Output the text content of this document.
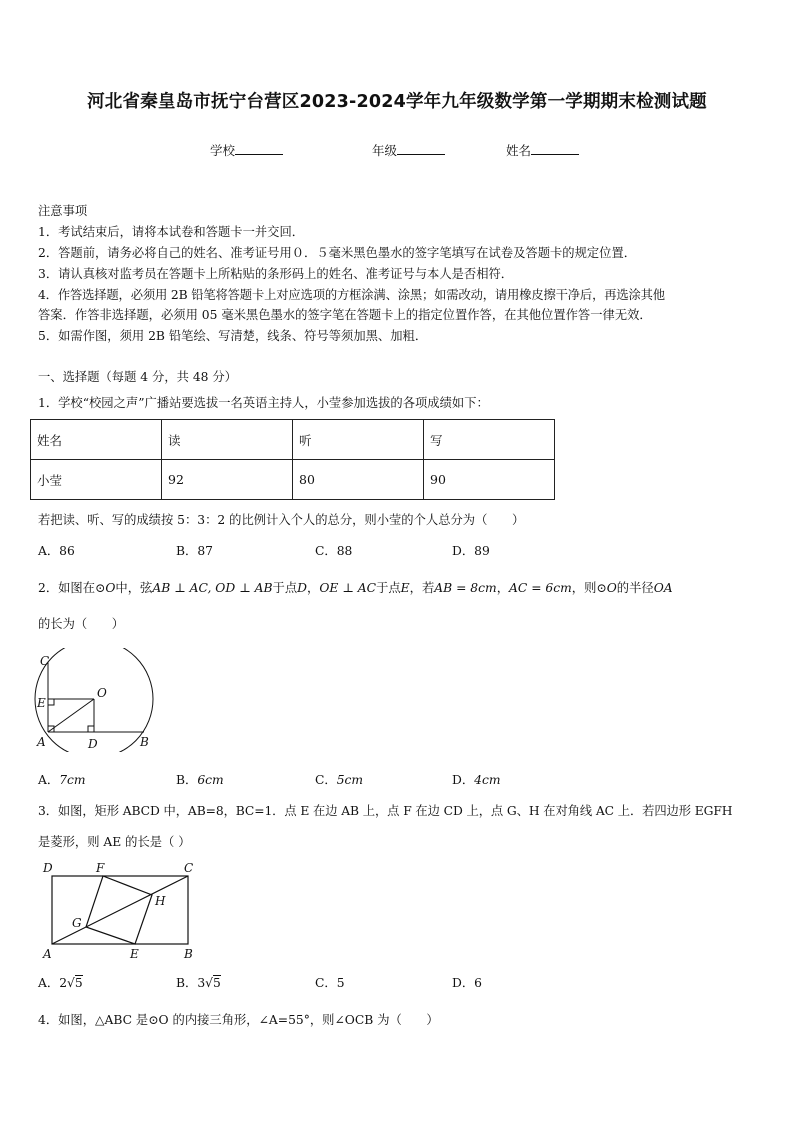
河北省秦皇岛市抚宁台营区2023-2024学年九年级数学第一学期期末检测试题
学校	年级	姓名
注意事项
1．考试结束后，请将本试卷和答题卡一并交回．
2．答题前，请务必将自己的姓名、准考证号用０．５毫米黑色墨水的签字笔填写在试卷及答题卡的规定位置．
3．请认真核对监考员在答题卡上所粘贴的条形码上的姓名、准考证号与本人是否相符．
4．作答选择题，必须用 2B 铅笔将答题卡上对应选项的方框涂满、涂黑；如需改动，请用橡皮擦干净后，再选涂其他
答案．作答非选择题，必须用 05 毫米黑色墨水的签字笔在答题卡上的指定位置作答，在其他位置作答一律无效．
5．如需作图，须用 2B 铅笔绘、写清楚，线条、符号等须加黑、加粗．
一、选择题（每题 4 分，共 48 分）
1．学校“校园之声”广播站要选拔一名英语主持人，小莹参加选拔的各项成绩如下：
姓名	读	听	写
小莹	92	80	90
若把读、听、写的成绩按 5：3：2 的比例计入个人的总分，则小莹的个人总分为（　　）
A．86	B．87	C．88	D．89
2．如图在⊙O中，弦AB ⊥ AC, OD ⊥ AB于点D，OE ⊥ AC于点E，若AB = 8cm，AC = 6cm，则⊙O的半径OA
的长为（　　）
C
O
E
A	D	B
A．7cm	B．6cm	C．5cm	D．4cm
3．如图，矩形 ABCD 中，AB=8，BC=1．点 E 在边 AB 上，点 F 在边 CD 上，点 G、H 在对角线 AC 上．若四边形 EGFH
是菱形，则 AE 的长是（ ）
D	F	C
H
G
A	E	B
A．2√5	B．3√5	C．5	D．6
4．如图，△ABC 是⊙O 的内接三角形，∠A=55°，则∠OCB 为（　　）
